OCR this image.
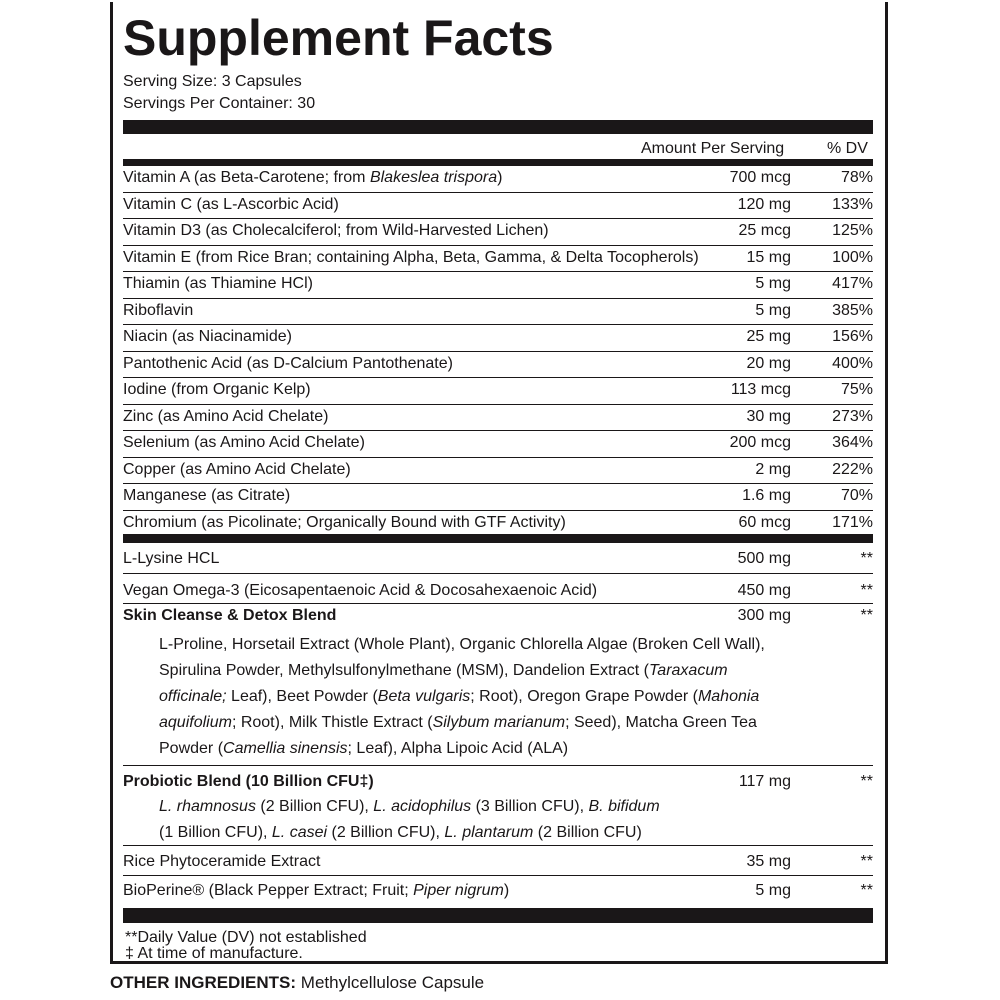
Supplement Facts
Serving Size: 3 Capsules
Servings Per Container: 30
Amount Per Serving	% DV
Vitamin A (as Beta-Carotene; from Blakeslea trispora)	700 mcg	78%
Vitamin C (as L-Ascorbic Acid)	120 mg	133%
Vitamin D3 (as Cholecalciferol; from Wild-Harvested Lichen)	25 mcg	125%
Vitamin E (from Rice Bran; containing Alpha, Beta, Gamma, & Delta Tocopherols)	15 mg	100%
Thiamin (as Thiamine HCl)	5 mg	417%
Riboflavin	5 mg	385%
Niacin (as Niacinamide)	25 mg	156%
Pantothenic Acid (as D-Calcium Pantothenate)	20 mg	400%
Iodine (from Organic Kelp)	113 mcg	75%
Zinc (as Amino Acid Chelate)	30 mg	273%
Selenium (as Amino Acid Chelate)	200 mcg	364%
Copper (as Amino Acid Chelate)	2 mg	222%
Manganese (as Citrate)	1.6 mg	70%
Chromium (as Picolinate; Organically Bound with GTF Activity)	60 mcg	171%
L-Lysine HCL	500 mg	**
Vegan Omega-3 (Eicosapentaenoic Acid & Docosahexaenoic Acid)	450 mg	**
Skin Cleanse & Detox Blend	300 mg	**
L-Proline, Horsetail Extract (Whole Plant), Organic Chlorella Algae (Broken Cell Wall),
Spirulina Powder, Methylsulfonylmethane (MSM), Dandelion Extract (Taraxacum
officinale; Leaf), Beet Powder (Beta vulgaris; Root), Oregon Grape Powder (Mahonia
aquifolium; Root), Milk Thistle Extract (Silybum marianum; Seed), Matcha Green Tea
Powder (Camellia sinensis; Leaf), Alpha Lipoic Acid (ALA)
Probiotic Blend (10 Billion CFU‡)	117 mg	**
L. rhamnosus (2 Billion CFU), L. acidophilus (3 Billion CFU), B. bifidum
(1 Billion CFU), L. casei (2 Billion CFU), L. plantarum (2 Billion CFU)
Rice Phytoceramide Extract	35 mg	**
BioPerine® (Black Pepper Extract; Fruit; Piper nigrum)	5 mg	**
**Daily Value (DV) not established
‡ At time of manufacture.
OTHER INGREDIENTS: Methylcellulose Capsule
